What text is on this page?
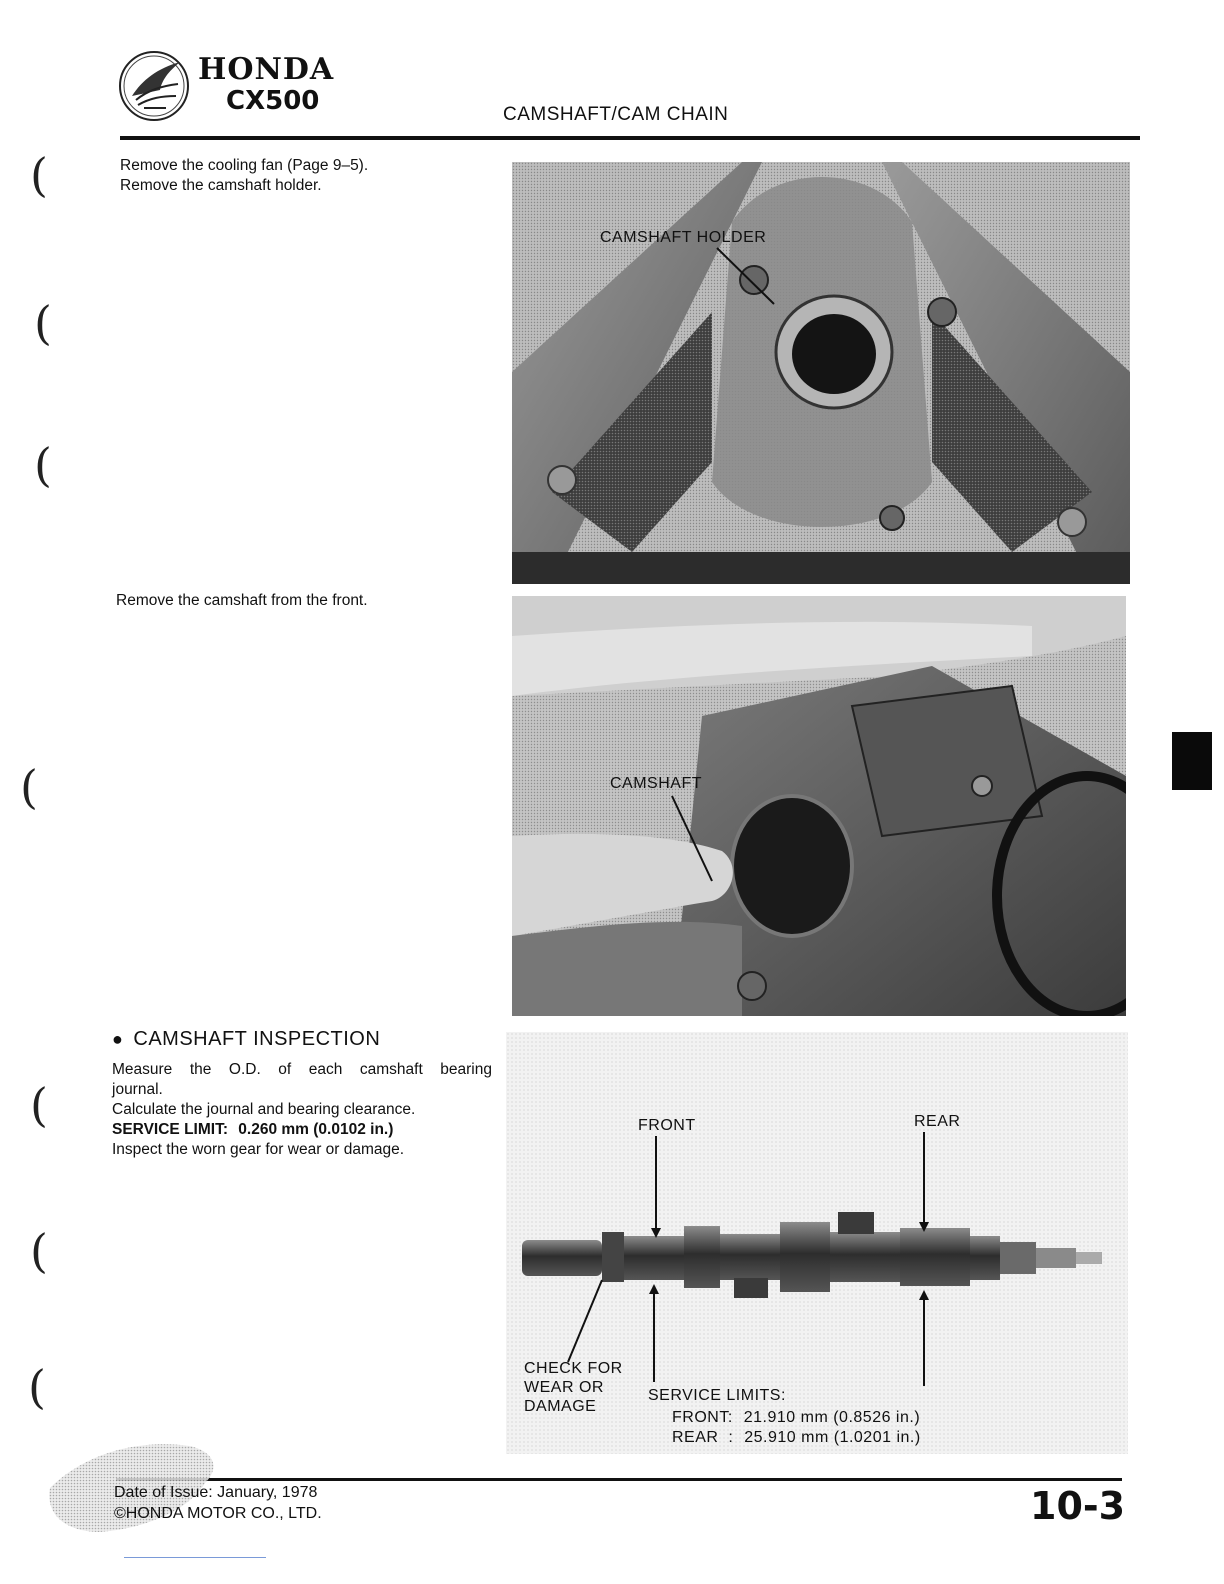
HONDA
CX500	CAMSHAFT/CAM CHAIN
Remove the cooling fan (Page 9–5).
Remove the camshaft holder.
Remove the camshaft from the front.
CAMSHAFT HOLDER
CAMSHAFT
FRONT	REAR
CHECK FOR
WEAR OR
DAMAGE
SERVICE LIMITS:
FRONT: 21.910 mm (0.8526 in.)
REAR  : 25.910 mm (1.0201 in.)
● CAMSHAFT INSPECTION

Measure the O.D. of each camshaft bearing

journal.

Calculate the journal and bearing clearance.

SERVICE LIMIT: 0.260 mm (0.0102 in.)

Inspect the worn gear for wear or damage.

(
(
(
(
(
(
(
Date of Issue: January, 1978
©HONDA MOTOR CO., LTD.	10-3
